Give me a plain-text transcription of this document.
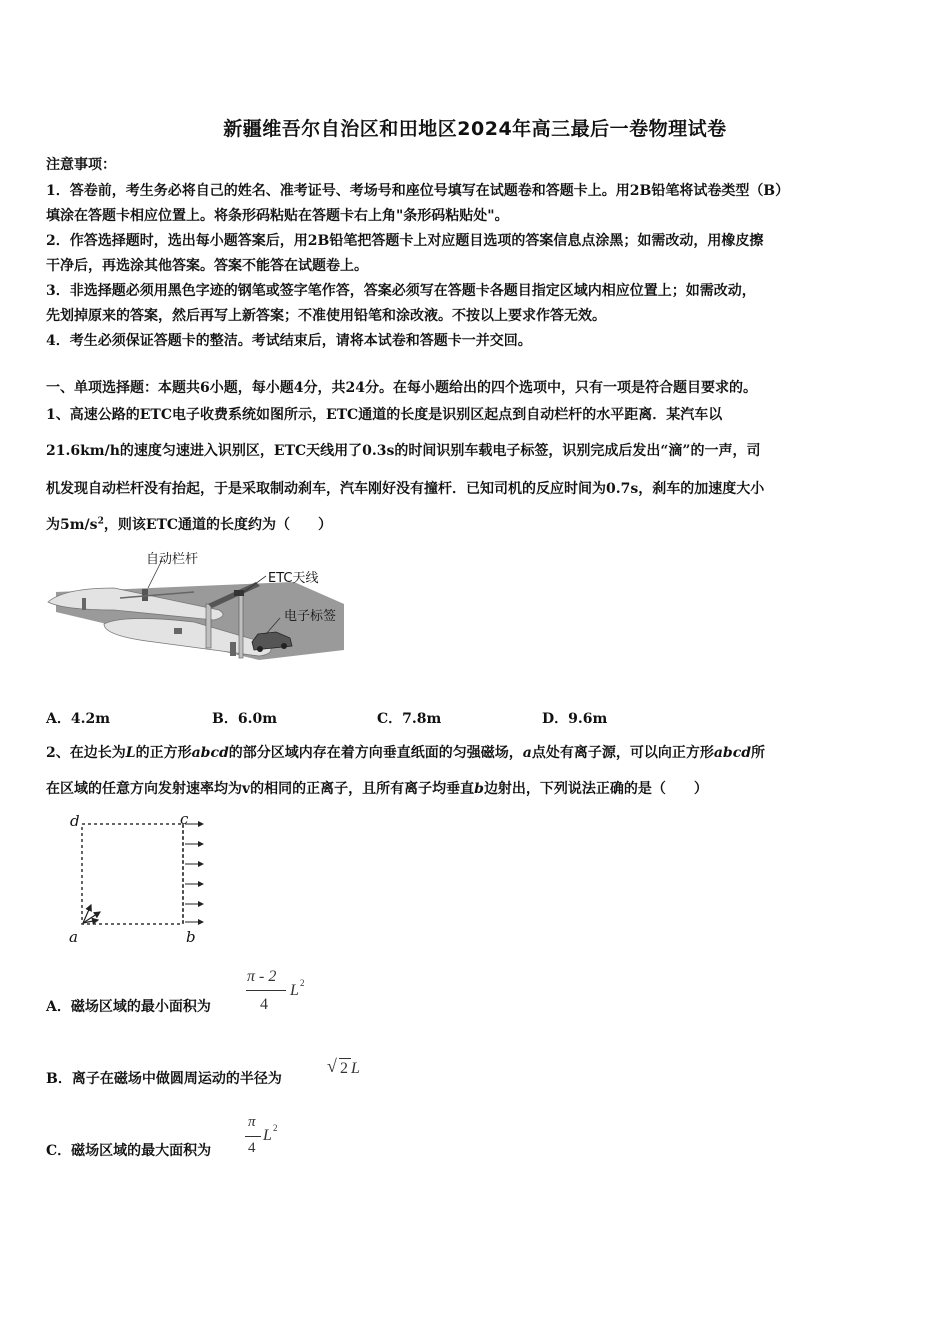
新疆维吾尔自治区和田地区2024年高三最后一卷物理试卷
注意事项：
1．答卷前，考生务必将自己的姓名、准考证号、考场号和座位号填写在试题卷和答题卡上。用2B铅笔将试卷类型（B）
填涂在答题卡相应位置上。将条形码粘贴在答题卡右上角"条形码粘贴处"。
2．作答选择题时，选出每小题答案后，用2B铅笔把答题卡上对应题目选项的答案信息点涂黑；如需改动，用橡皮擦
干净后，再选涂其他答案。答案不能答在试题卷上。
3．非选择题必须用黑色字迹的钢笔或签字笔作答，答案必须写在答题卡各题目指定区域内相应位置上；如需改动，
先划掉原来的答案，然后再写上新答案；不准使用铅笔和涂改液。不按以上要求作答无效。
4．考生必须保证答题卡的整洁。考试结束后，请将本试卷和答题卡一并交回。
一、单项选择题：本题共6小题，每小题4分，共24分。在每小题给出的四个选项中，只有一项是符合题目要求的。
1、高速公路的ETC电子收费系统如图所示，ETC通道的长度是识别区起点到自动栏杆的水平距离．某汽车以
21.6km/h的速度匀速进入识别区，ETC天线用了0.3s的时间识别车载电子标签，识别完成后发出“滴”的一声，司
机发现自动栏杆没有抬起，于是采取制动刹车，汽车刚好没有撞杆．已知司机的反应时间为0.7s，刹车的加速度大小
为$5m/s^2$，则该ETC通道的长度约为（　　）
自动栏杆
ETC天线
电子标签
A．4.2m	B．6.0m	C．7.8m	D．9.6m
2、在边长为L的正方形abcd的部分区域内存在着方向垂直纸面的匀强磁场，a点处有离子源，可以向正方形abcd所
在区域的任意方向发射速率均为v的相同的正离子，且所有离子均垂直b边射出，下列说法正确的是（　　）
d	c
a	b
A．磁场区域的最小面积为
π - 2
4
L 2
B．离子在磁场中做圆周运动的半径为
√ 2 L
C．磁场区域的最大面积为
π
4
L 2
